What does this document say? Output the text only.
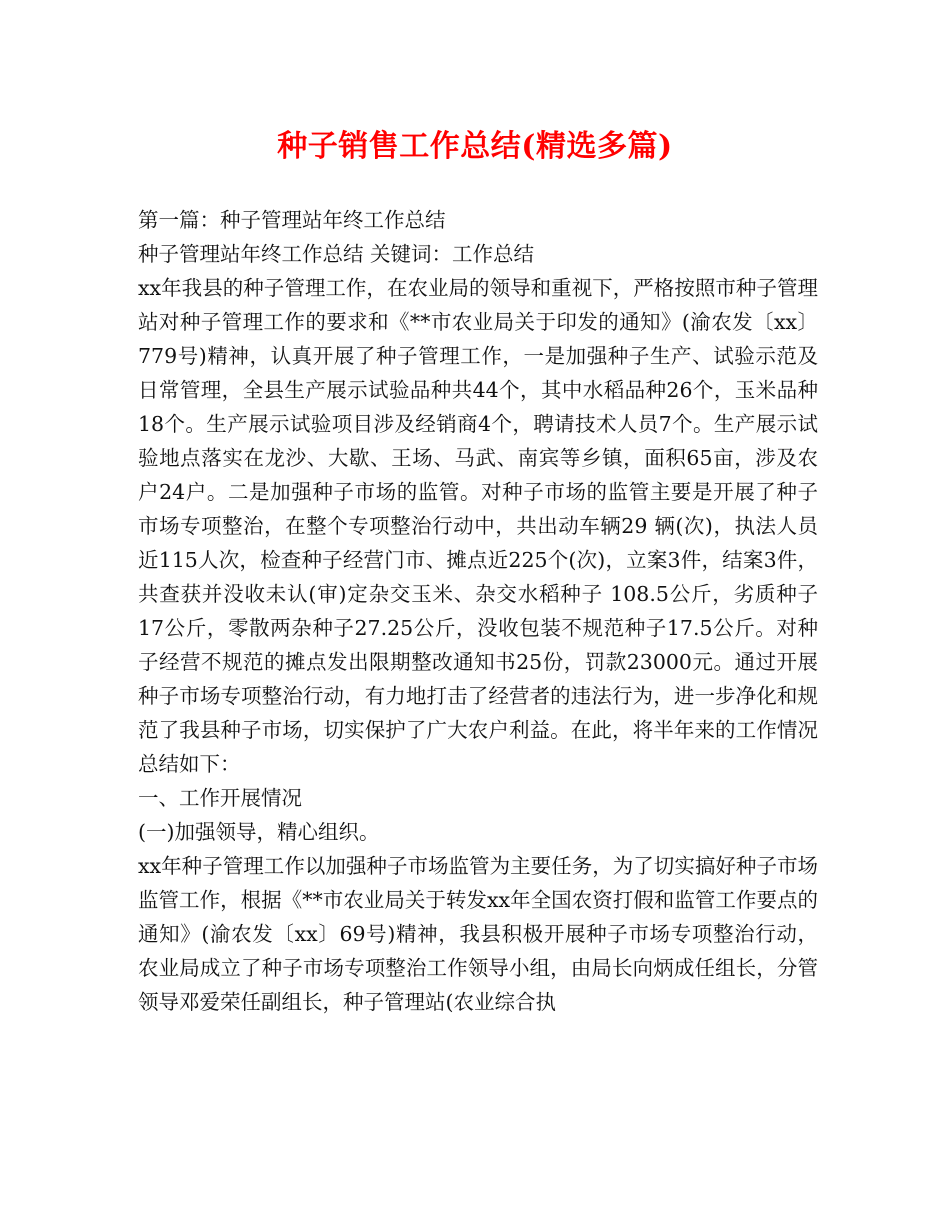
种子销售工作总结(精选多篇)

第一篇：种子管理站年终工作总结

种子管理站年终工作总结 关键词：工作总结

xx年我县的种子管理工作，在农业局的领导和重视下，严格按照市种子管理站对种子管理工作的要求和《**市农业局关于印发的通知》(渝农发〔xx〕779号)精神，认真开展了种子管理工作，一是加强种子生产、试验示范及日常管理，全县生产展示试验品种共44个，其中水稻品种26个，玉米品种18个。生产展示试验项目涉及经销商4个，聘请技术人员7个。生产展示试验地点落实在龙沙、大歇、王场、马武、南宾等乡镇，面积65亩，涉及农户24户。二是加强种子市场的监管。对种子市场的监管主要是开展了种子市场专项整治，在整个专项整治行动中，共出动车辆29 辆(次)，执法人员近115人次，检查种子经营门市、摊点近225个(次)，立案3件，结案3件，共查获并没收未认(审)定杂交玉米、杂交水稻种子 108.5公斤，劣质种子17公斤，零散两杂种子27.25公斤，没收包装不规范种子17.5公斤。对种子经营不规范的摊点发出限期整改通知书25份，罚款23000元。通过开展种子市场专项整治行动，有力地打击了经营者的违法行为，进一步净化和规范了我县种子市场，切实保护了广大农户利益。在此，将半年来的工作情况总结如下：

一、工作开展情况

(一)加强领导，精心组织。

xx年种子管理工作以加强种子市场监管为主要任务，为了切实搞好种子市场监管工作，根据《**市农业局关于转发xx年全国农资打假和监管工作要点的通知》(渝农发〔xx〕69号)精神，我县积极开展种子市场专项整治行动，农业局成立了种子市场专项整治工作领导小组，由局长向炳成任组长，分管领导邓爱荣任副组长，种子管理站(农业综合执
